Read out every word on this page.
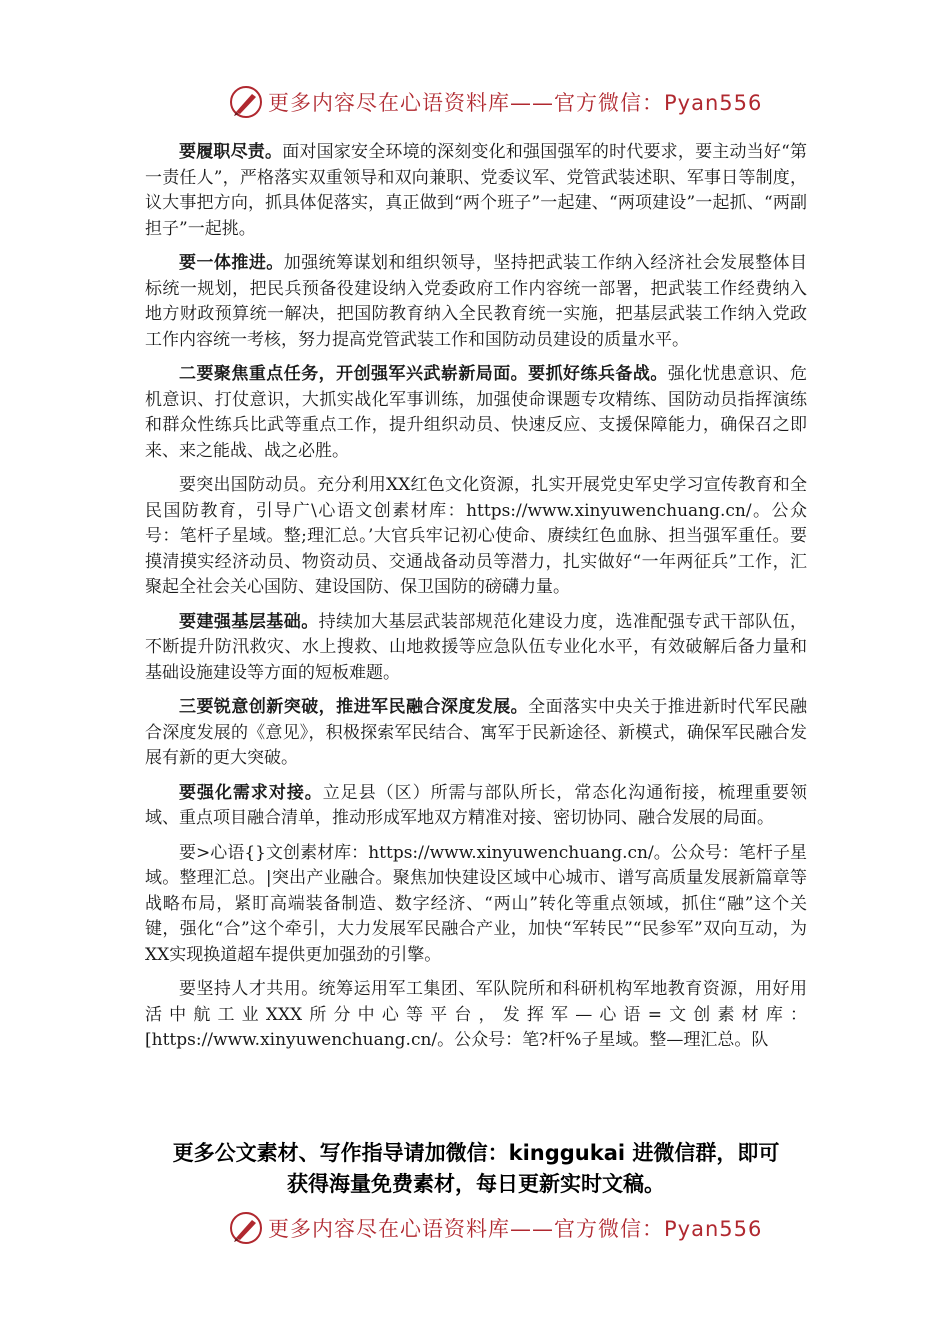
更多内容尽在心语资料库——官方微信：Pyan556

要履职尽责。面对国家安全环境的深刻变化和强国强军的时代要求，要主动当好“第一责任人”，严格落实双重领导和双向兼职、党委议军、党管武装述职、军事日等制度，议大事把方向，抓具体促落实，真正做到“两个班子”一起建、“两项建设”一起抓、“两副担子”一起挑。

要一体推进。加强统筹谋划和组织领导，坚持把武装工作纳入经济社会发展整体目标统一规划，把民兵预备役建设纳入党委政府工作内容统一部署，把武装工作经费纳入地方财政预算统一解决，把国防教育纳入全民教育统一实施，把基层武装工作纳入党政工作内容统一考核，努力提高党管武装工作和国防动员建设的质量水平。

二要聚焦重点任务，开创强军兴武崭新局面。要抓好练兵备战。强化忧患意识、危机意识、打仗意识，大抓实战化军事训练，加强使命课题专攻精练、国防动员指挥演练和群众性练兵比武等重点工作，提升组织动员、快速反应、支援保障能力，确保召之即来、来之能战、战之必胜。

要突出国防动员。充分利用XX红色文化资源，扎实开展党史军史学习宣传教育和全民国防教育，引导广\心语文创素材库：https://www.xinyuwenchuang.cn/。公众号：笔杆子星域。整;理汇总。’大官兵牢记初心使命、赓续红色血脉、担当强军重任。要摸清摸实经济动员、物资动员、交通战备动员等潜力，扎实做好“一年两征兵”工作，汇聚起全社会关心国防、建设国防、保卫国防的磅礴力量。

要建强基层基础。持续加大基层武装部规范化建设力度，选准配强专武干部队伍，不断提升防汛救灾、水上搜救、山地救援等应急队伍专业化水平，有效破解后备力量和基础设施建设等方面的短板难题。

三要锐意创新突破，推进军民融合深度发展。全面落实中央关于推进新时代军民融合深度发展的《意见》，积极探索军民结合、寓军于民新途径、新模式，确保军民融合发展有新的更大突破。

要强化需求对接。立足县（区）所需与部队所长，常态化沟通衔接，梳理重要领域、重点项目融合清单，推动形成军地双方精准对接、密切协同、融合发展的局面。

要>心语{}文创素材库：https://www.xinyuwenchuang.cn/。公众号：笔杆子星域。整理汇总。|突出产业融合。聚焦加快建设区域中心城市、谱写高质量发展新篇章等战略布局，紧盯高端装备制造、数字经济、“两山”转化等重点领域，抓住“融”这个关键，强化“合”这个牵引，大力发展军民融合产业，加快“军转民”“民参军”双向互动，为XX实现换道超车提供更加强劲的引擎。

要坚持人才共用。统筹运用军工集团、军队院所和科研机构军地教育资源，用好用活中航工业XXX所分中心等平台，发挥军—心语=文创素材库：[https://www.xinyuwenchuang.cn/。公众号：笔?杆%子星域。整—理汇总。队

更多公文素材、写作指导请加微信：kinggukai 进微信群，即可
获得海量免费素材，每日更新实时文稿。
更多内容尽在心语资料库——官方微信：Pyan556
